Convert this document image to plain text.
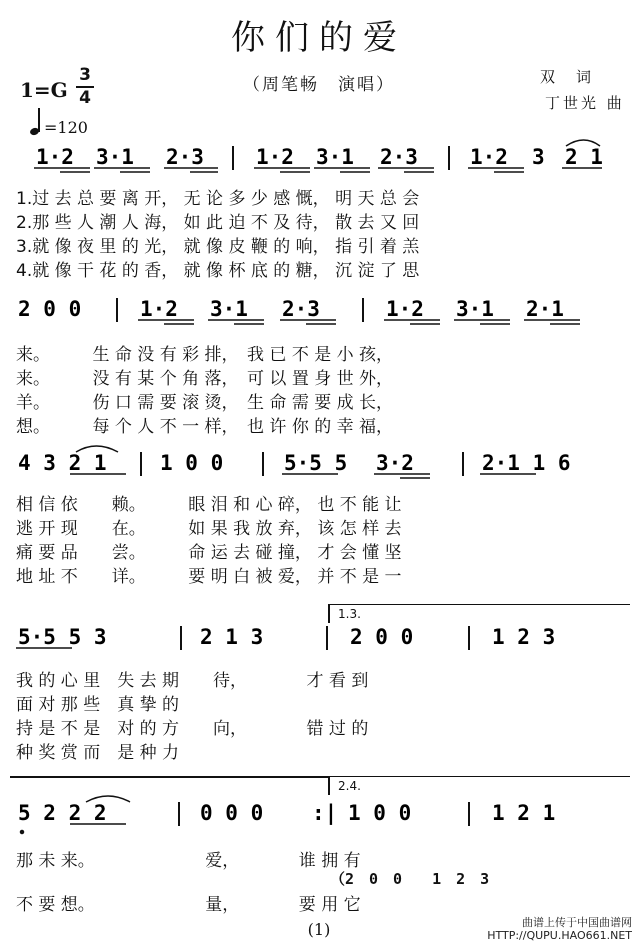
你们的爱
（周笔畅　演唱）	双　词
丁世光 曲
1=G
3
4
=120
1·2 3·1 2·3 1·2 3·1 2·3 1·2 3 2 1
1.过 去 总 要 离 开， 无 论 多 少 感 慨， 明 天 总 会
2.那 些 人 潮 人 海， 如 此 迫 不 及 待， 散 去 又 回
3.就 像 夜 里 的 光， 就 像 皮 鞭 的 响， 指 引 着 羔
4.就 像 干 花 的 香， 就 像 杯 底 的 糖， 沉 淀 了 思
2 0 0	1·2 3·1 2·3	1·2 3·1 2·1
来。　　　生 命 没 有 彩 排，　我 已 不 是 小 孩，
来。　　　没 有 某 个 角 落，　可 以 置 身 世 外，
羊。　　　伤 口 需 要 滚 烫，　生 命 需 要 成 长，
想。　　　每 个 人 不 一 样，　也 许 你 的 幸 福，
4 3 2 1	1 0 0	5·5 5 3·2	2·1 1 6
相 信 依　　赖。　　　眼 泪 和 心 碎， 也 不 能 让
逃 开 现　　在。　　　如 果 我 放 弃， 该 怎 样 去
痛 要 品　　尝。　　　命 运 去 碰 撞， 才 会 懂 坚
地 址 不　　详。　　　要 明 白 被 爱， 并 不 是 一
1.3.
5·5 5 3	2 1 3	2 0 0	1 2 3
我 的 心 里　失 去 期　　待，　　　　才 看 到
面 对 那 些　真 挚 的
持 是 不 是　对 的 方　　向，　　　　错 过 的
种 奖 赏 而　是 种 力
2.4.
5 2 2 2	0 0 0 :| 1 0 0	1 2 1
那 未 来。　　　　　　　爱，　　　　谁 拥 有
（2　0　0　　1　2　3
不 要 想。　　　　　　　量，　　　　要 用 它
(1)	曲谱上传于中国曲谱网
HTTP://QUPU.HAO661.NET
